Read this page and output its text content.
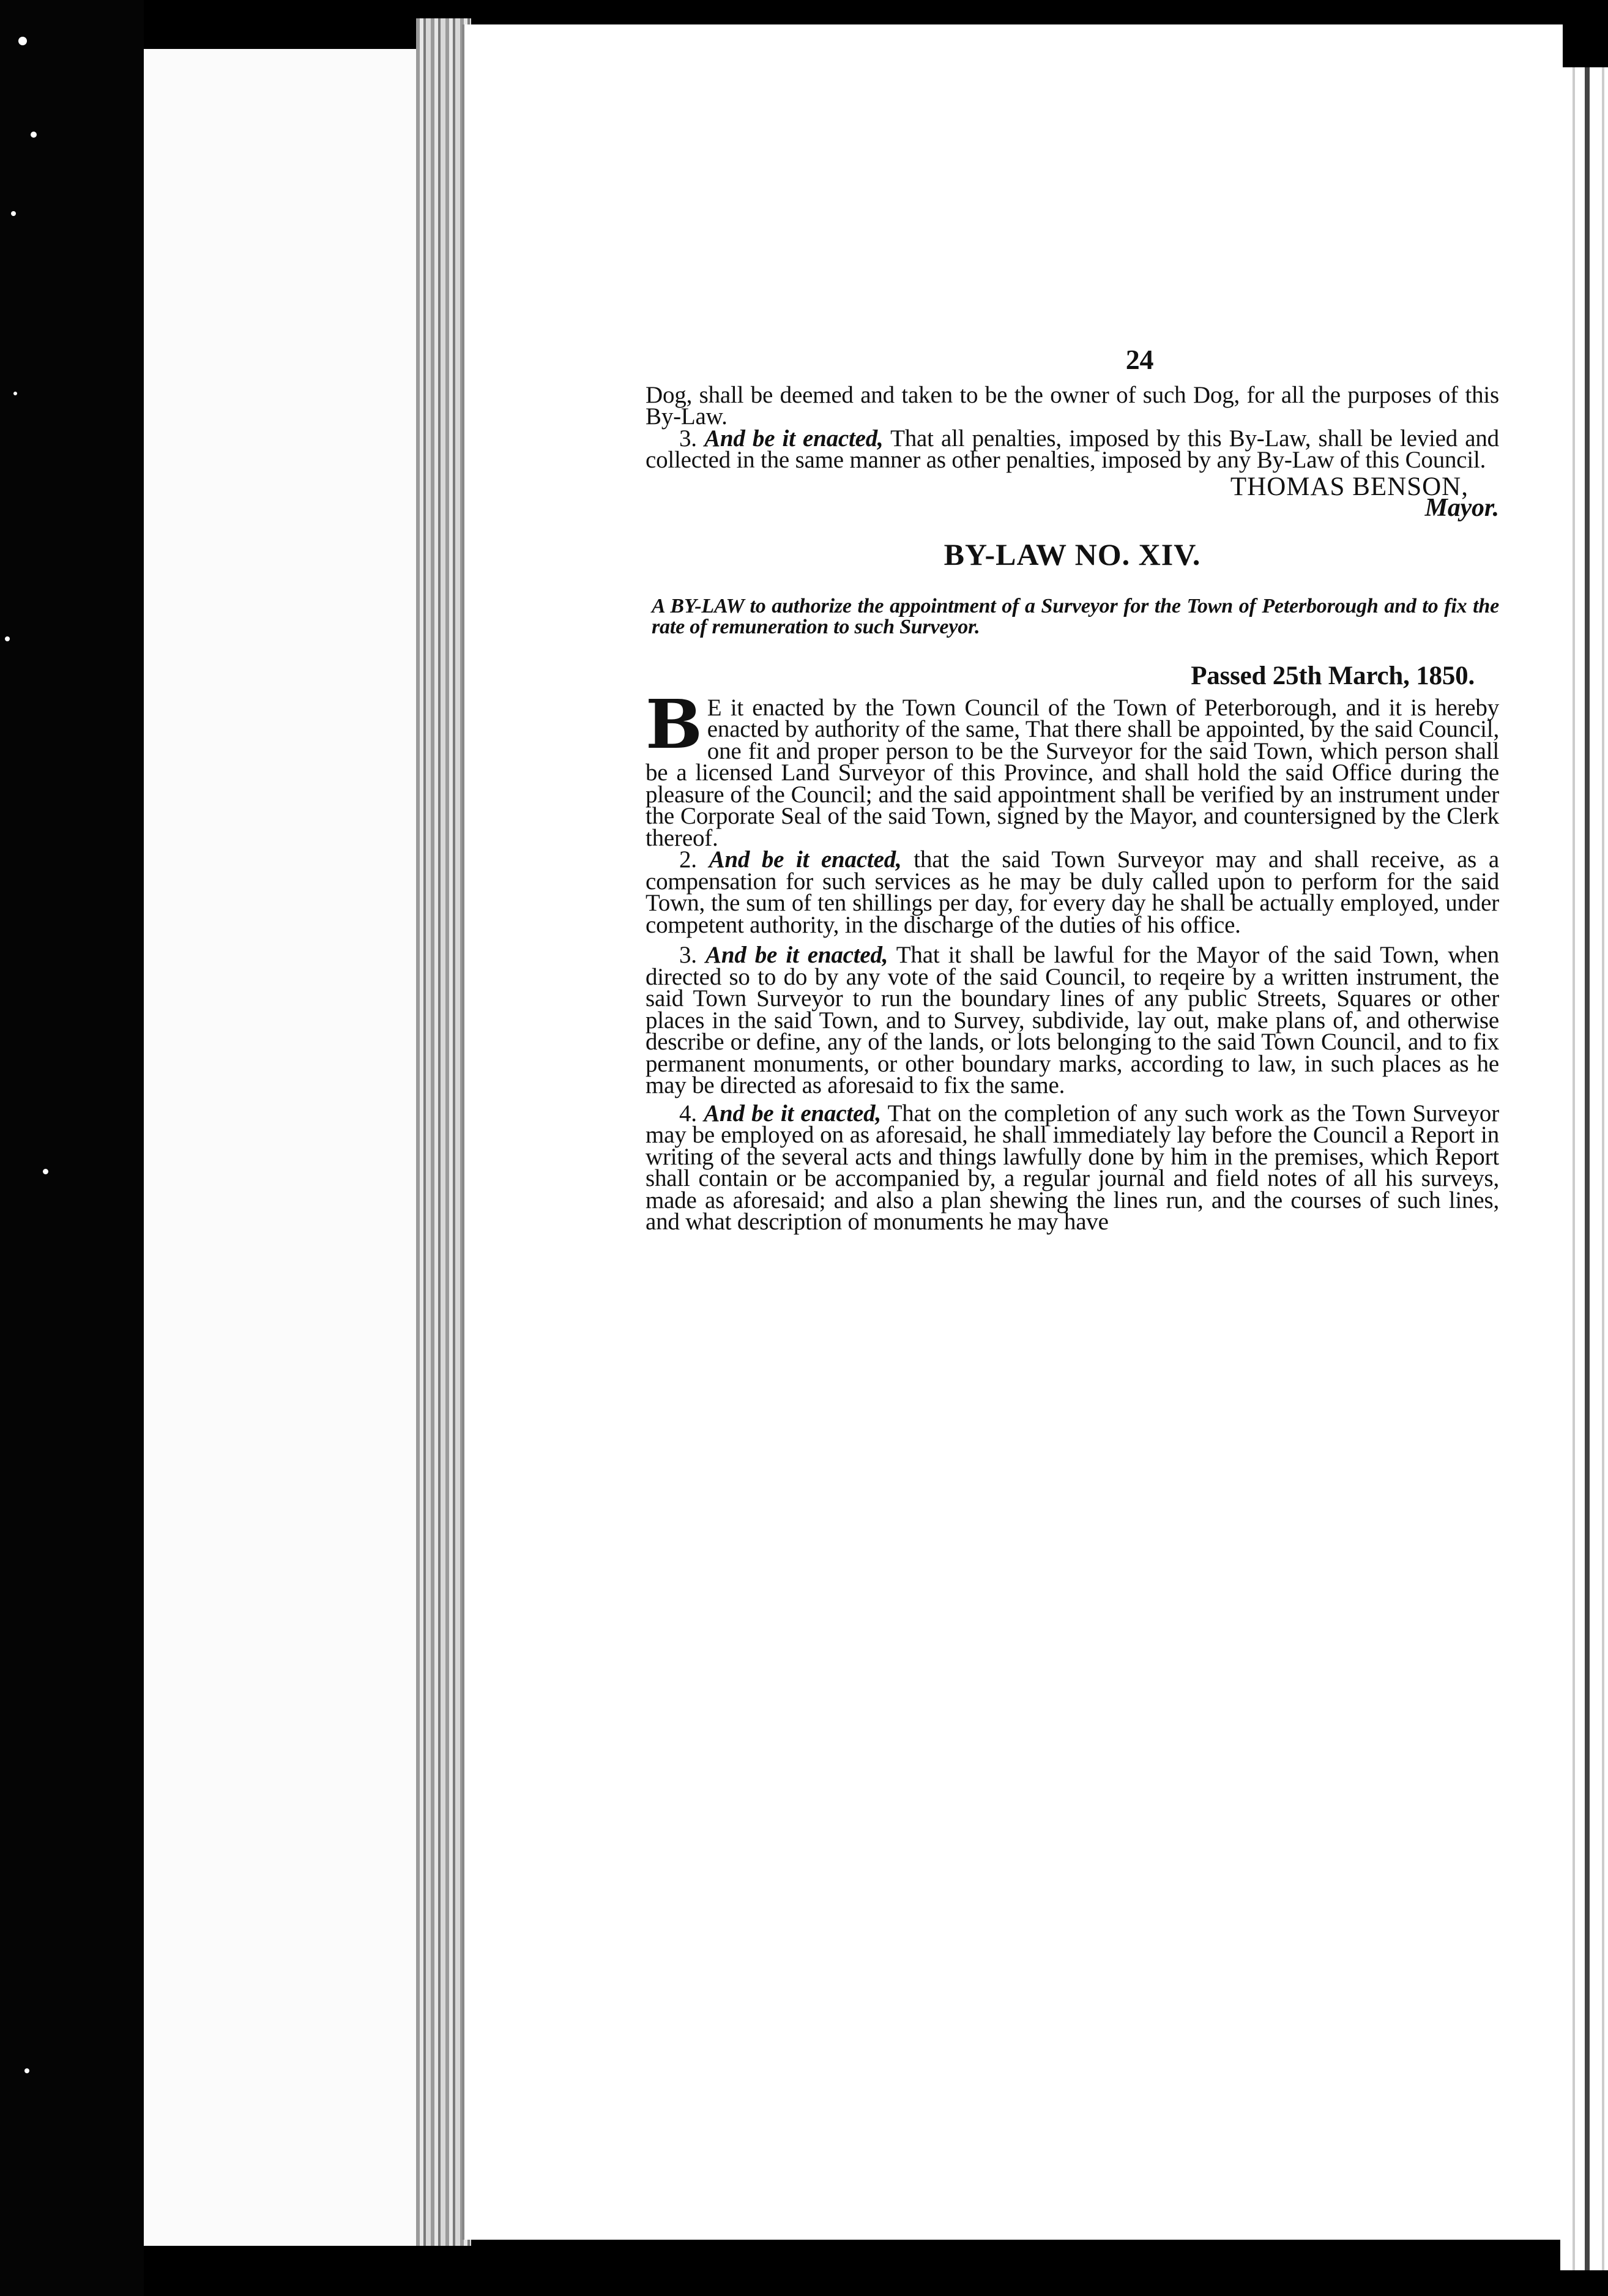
24

Dog, shall be deemed and taken to be the owner of such Dog, for all the purposes of this By-Law.

3. And be it enacted, That all penalties, imposed by this By-Law, shall be levied and collected in the same manner as other penalties, imposed by any By-Law of this Council.

THOMAS BENSON,
Mayor.
BY-LAW NO. XIV.
A BY-LAW to authorize the appointment of a Surveyor for the Town of Peterborough and to fix the rate of remuneration to such Surveyor.
Passed 25th March, 1850.

B E it enacted by the Town Council of the Town of Peterborough, and it is hereby enacted by authority of the same, That there shall be appointed, by the said Council, one fit and proper person to be the Surveyor for the said Town, which person shall be a licensed Land Surveyor of this Province, and shall hold the said Office during the pleasure of the Council; and the said appointment shall be verified by an instrument under the Corporate Seal of the said Town, signed by the Mayor, and countersigned by the Clerk thereof.

2. And be it enacted, that the said Town Surveyor may and shall receive, as a compensation for such services as he may be duly called upon to perform for the said Town, the sum of ten shillings per day, for every day he shall be actually employed, under competent authority, in the discharge of the duties of his office.

3. And be it enacted, That it shall be lawful for the Mayor of the said Town, when directed so to do by any vote of the said Council, to reqeire by a written instrument, the said Town Surveyor to run the boundary lines of any public Streets, Squares or other places in the said Town, and to Survey, subdivide, lay out, make plans of, and otherwise describe or define, any of the lands, or lots belonging to the said Town Council, and to fix permanent monuments, or other boundary marks, according to law, in such places as he may be directed as aforesaid to fix the same.

4. And be it enacted, That on the completion of any such work as the Town Surveyor may be employed on as aforesaid, he shall immediately lay before the Council a Report in writing of the several acts and things lawfully done by him in the premises, which Report shall contain or be accompanied by, a regular journal and field notes of all his surveys, made as aforesaid; and also a plan shewing the lines run, and the courses of such lines, and what description of monuments he may have
